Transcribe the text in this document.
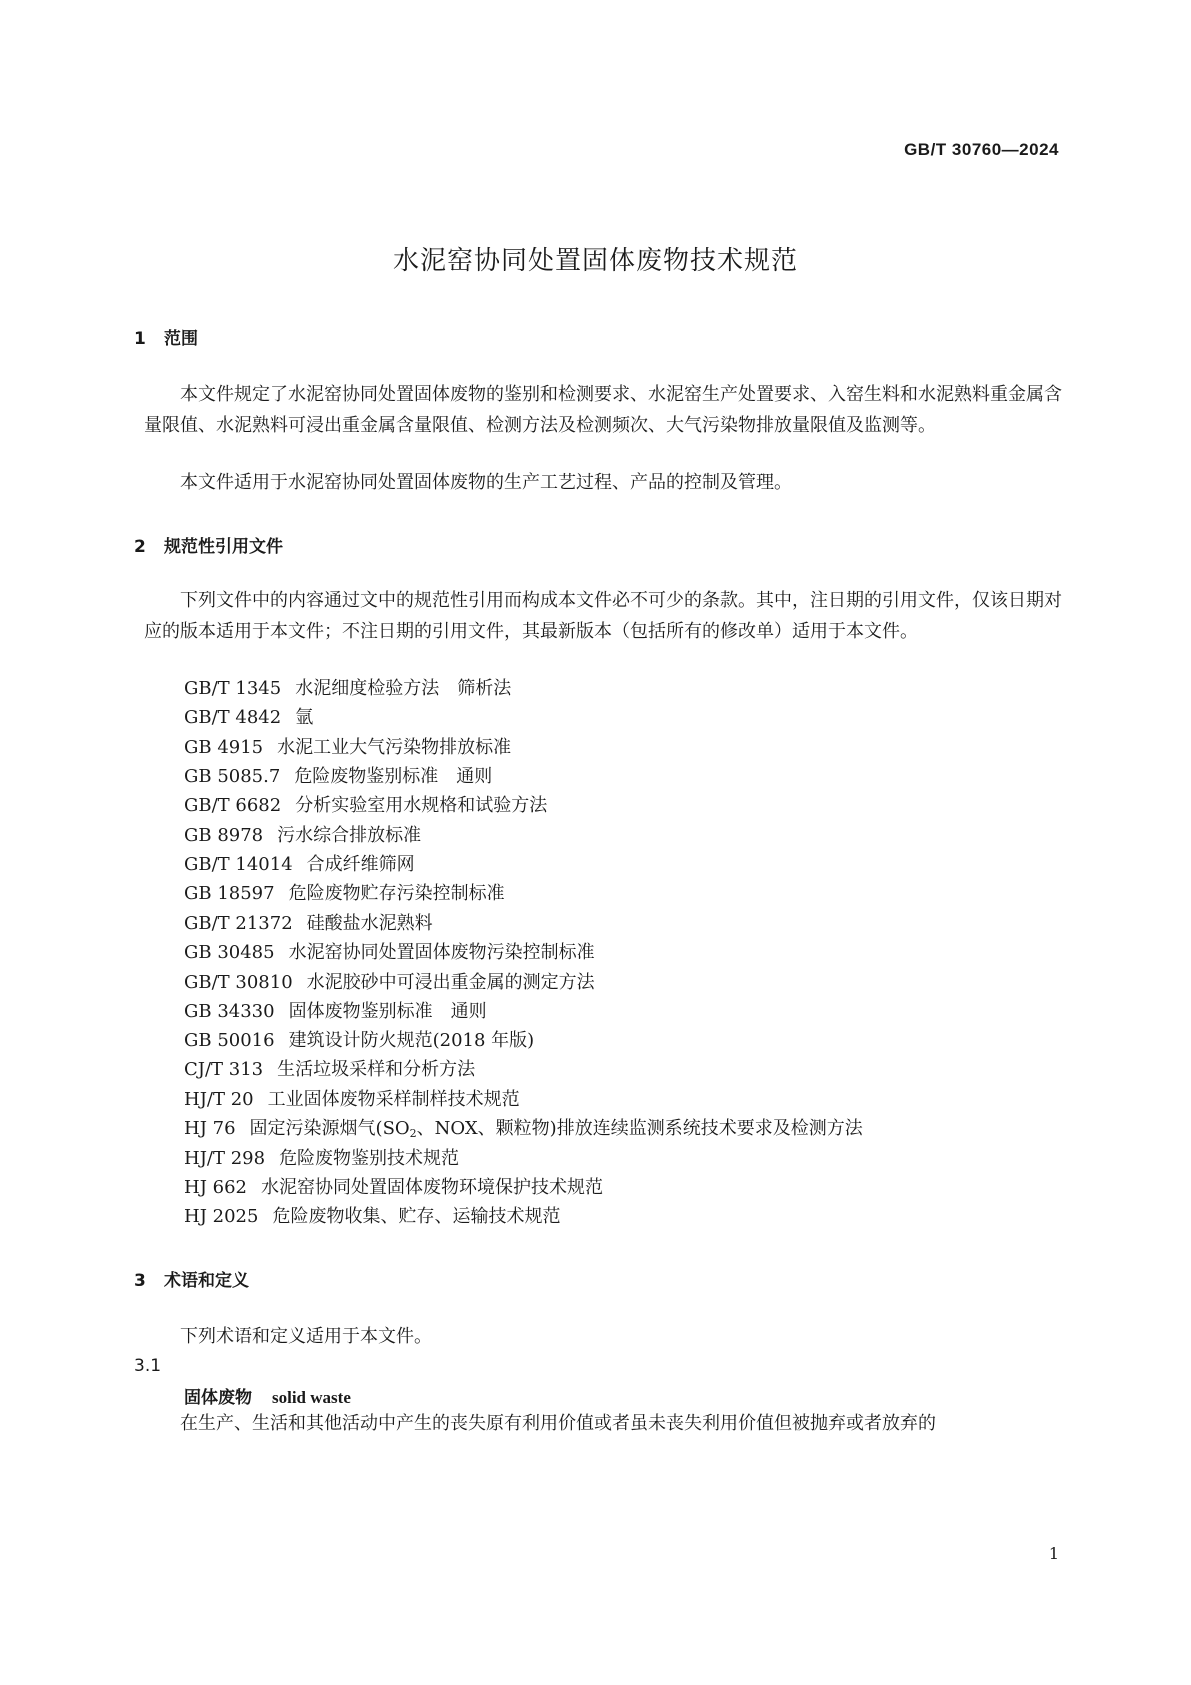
GB/T 30760—2024
水泥窑协同处置固体废物技术规范
1 范围
本文件规定了水泥窑协同处置固体废物的鉴别和检测要求、水泥窑生产处置要求、入窑生料和水泥熟料重金属含量限值、水泥熟料可浸出重金属含量限值、检测方法及检测频次、大气污染物排放量限值及监测等。
本文件适用于水泥窑协同处置固体废物的生产工艺过程、产品的控制及管理。
2 规范性引用文件
下列文件中的内容通过文中的规范性引用而构成本文件必不可少的条款。其中，注日期的引用文件，仅该日期对应的版本适用于本文件；不注日期的引用文件，其最新版本（包括所有的修改单）适用于本文件。
GB/T 1345 水泥细度检验方法　筛析法
GB/T 4842 氩
GB 4915 水泥工业大气污染物排放标准
GB 5085.7 危险废物鉴别标准　通则
GB/T 6682 分析实验室用水规格和试验方法
GB 8978 污水综合排放标准
GB/T 14014 合成纤维筛网
GB 18597 危险废物贮存污染控制标准
GB/T 21372 硅酸盐水泥熟料
GB 30485 水泥窑协同处置固体废物污染控制标准
GB/T 30810 水泥胶砂中可浸出重金属的测定方法
GB 34330 固体废物鉴别标准　通则
GB 50016 建筑设计防火规范(2018 年版)
CJ/T 313 生活垃圾采样和分析方法
HJ/T 20 工业固体废物采样制样技术规范
HJ 76 固定污染源烟气($SO_2$、NOX、颗粒物)排放连续监测系统技术要求及检测方法
HJ/T 298 危险废物鉴别技术规范
HJ 662 水泥窑协同处置固体废物环境保护技术规范
HJ 2025 危险废物收集、贮存、运输技术规范
3 术语和定义
下列术语和定义适用于本文件。
3.1
固体废物 solid waste
在生产、生活和其他活动中产生的丧失原有利用价值或者虽未丧失利用价值但被抛弃或者放弃的
1
